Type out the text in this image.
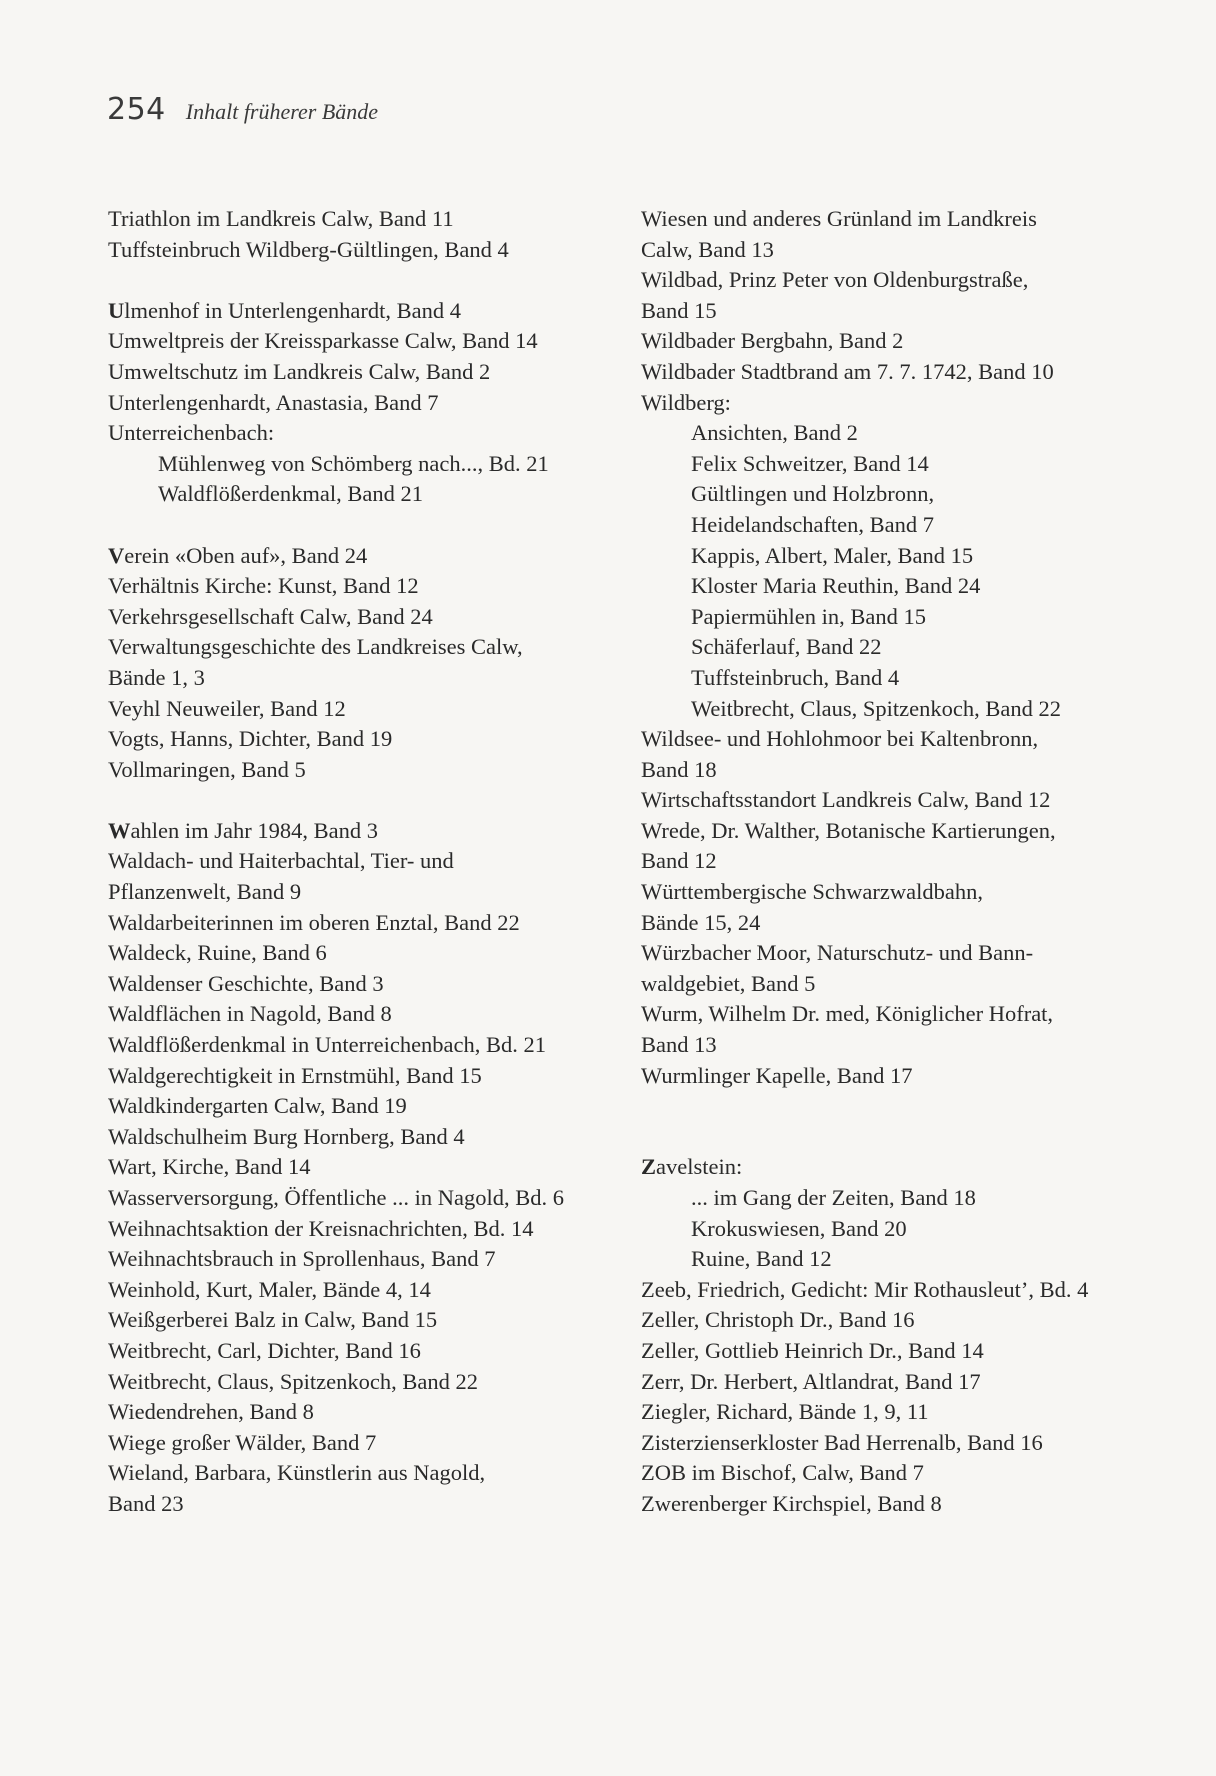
254 Inhalt früherer Bände
Triathlon im Landkreis Calw, Band 11
Tuffsteinbruch Wildberg-Gültlingen, Band 4
Ulmenhof in Unterlengenhardt, Band 4
Umweltpreis der Kreissparkasse Calw, Band 14
Umweltschutz im Landkreis Calw, Band 2
Unterlengenhardt, Anastasia, Band 7
Unterreichenbach:
Mühlenweg von Schömberg nach..., Bd. 21
Waldflößerdenkmal, Band 21
Verein «Oben auf», Band 24
Verhältnis Kirche: Kunst, Band 12
Verkehrsgesellschaft Calw, Band 24
Verwaltungsgeschichte des Landkreises Calw,
Bände 1, 3
Veyhl Neuweiler, Band 12
Vogts, Hanns, Dichter, Band 19
Vollmaringen, Band 5
Wahlen im Jahr 1984, Band 3
Waldach- und Haiterbachtal, Tier- und
Pflanzenwelt, Band 9
Waldarbeiterinnen im oberen Enztal, Band 22
Waldeck, Ruine, Band 6
Waldenser Geschichte, Band 3
Waldflächen in Nagold, Band 8
Waldflößerdenkmal in Unterreichenbach, Bd. 21
Waldgerechtigkeit in Ernstmühl, Band 15
Waldkindergarten Calw, Band 19
Waldschulheim Burg Hornberg, Band 4
Wart, Kirche, Band 14
Wasserversorgung, Öffentliche ... in Nagold, Bd. 6
Weihnachtsaktion der Kreisnachrichten, Bd. 14
Weihnachtsbrauch in Sprollenhaus, Band 7
Weinhold, Kurt, Maler, Bände 4, 14
Weißgerberei Balz in Calw, Band 15
Weitbrecht, Carl, Dichter, Band 16
Weitbrecht, Claus, Spitzenkoch, Band 22
Wiedendrehen, Band 8
Wiege großer Wälder, Band 7
Wieland, Barbara, Künstlerin aus Nagold,
Band 23
Wiesen und anderes Grünland im Landkreis
Calw, Band 13
Wildbad, Prinz Peter von Oldenburgstraße,
Band 15
Wildbader Bergbahn, Band 2
Wildbader Stadtbrand am 7. 7. 1742, Band 10
Wildberg:
Ansichten, Band 2
Felix Schweitzer, Band 14
Gültlingen und Holzbronn,
Heidelandschaften, Band 7
Kappis, Albert, Maler, Band 15
Kloster Maria Reuthin, Band 24
Papiermühlen in, Band 15
Schäferlauf, Band 22
Tuffsteinbruch, Band 4
Weitbrecht, Claus, Spitzenkoch, Band 22
Wildsee- und Hohlohmoor bei Kaltenbronn,
Band 18
Wirtschaftsstandort Landkreis Calw, Band 12
Wrede, Dr. Walther, Botanische Kartierungen,
Band 12
Württembergische Schwarzwaldbahn,
Bände 15, 24
Würzbacher Moor, Naturschutz- und Bann-
waldgebiet, Band 5
Wurm, Wilhelm Dr. med, Königlicher Hofrat,
Band 13
Wurmlinger Kapelle, Band 17
Zavelstein:
... im Gang der Zeiten, Band 18
Krokuswiesen, Band 20
Ruine, Band 12
Zeeb, Friedrich, Gedicht: Mir Rothausleut’, Bd. 4
Zeller, Christoph Dr., Band 16
Zeller, Gottlieb Heinrich Dr., Band 14
Zerr, Dr. Herbert, Altlandrat, Band 17
Ziegler, Richard, Bände 1, 9, 11
Zisterzienserkloster Bad Herrenalb, Band 16
ZOB im Bischof, Calw, Band 7
Zwerenberger Kirchspiel, Band 8
